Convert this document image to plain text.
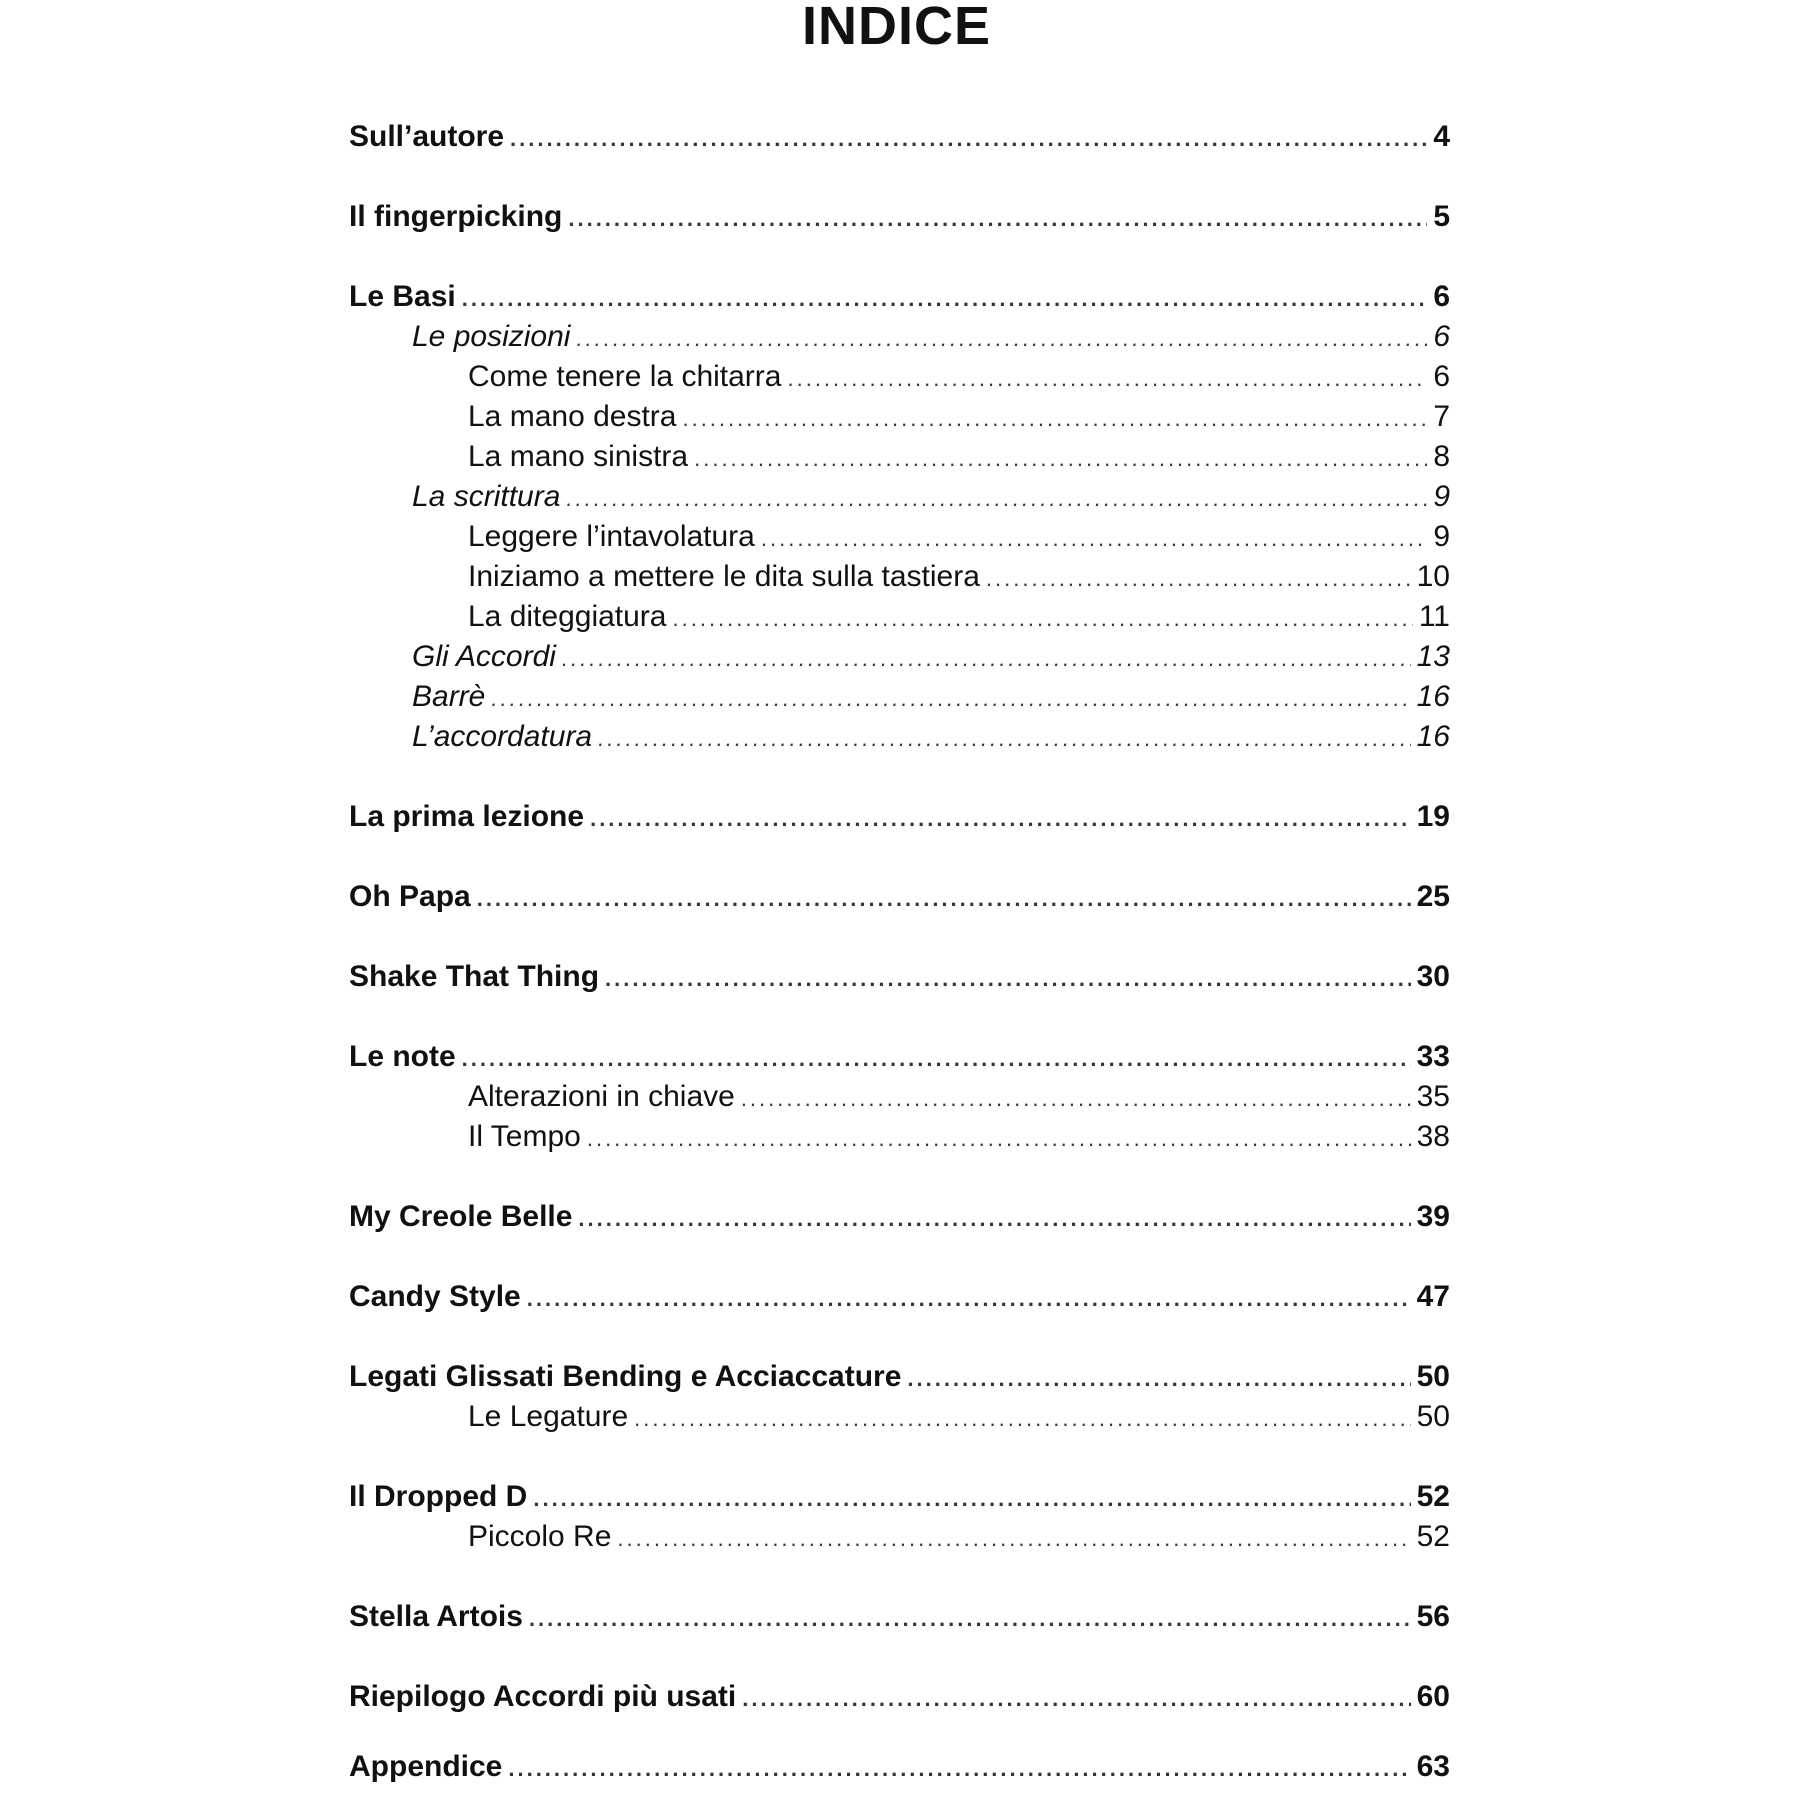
INDICE
Sull’autore .....	4
Il fingerpicking .....	5
Le Basi .....	6
Le posizioni .....	6
Come tenere la chitarra .....	6
La mano destra .....	7
La mano sinistra .....	8
La scrittura .....	9
Leggere l’intavolatura .....	9
Iniziamo a mettere le dita sulla tastiera .....	10
La diteggiatura .....	11
Gli Accordi .....	13
Barrè .....	16
L’accordatura .....	16
La prima lezione .....	19
Oh Papa .....	25
Shake That Thing .....	30
Le note .....	33
Alterazioni in chiave .....	35
Il Tempo .....	38
My Creole Belle .....	39
Candy Style .....	47
Legati Glissati Bending e Acciaccature .....	50
Le Legature .....	50
Il Dropped D .....	52
Piccolo Re .....	52
Stella Artois .....	56
Riepilogo Accordi più usati .....	60
Appendice .....	63
